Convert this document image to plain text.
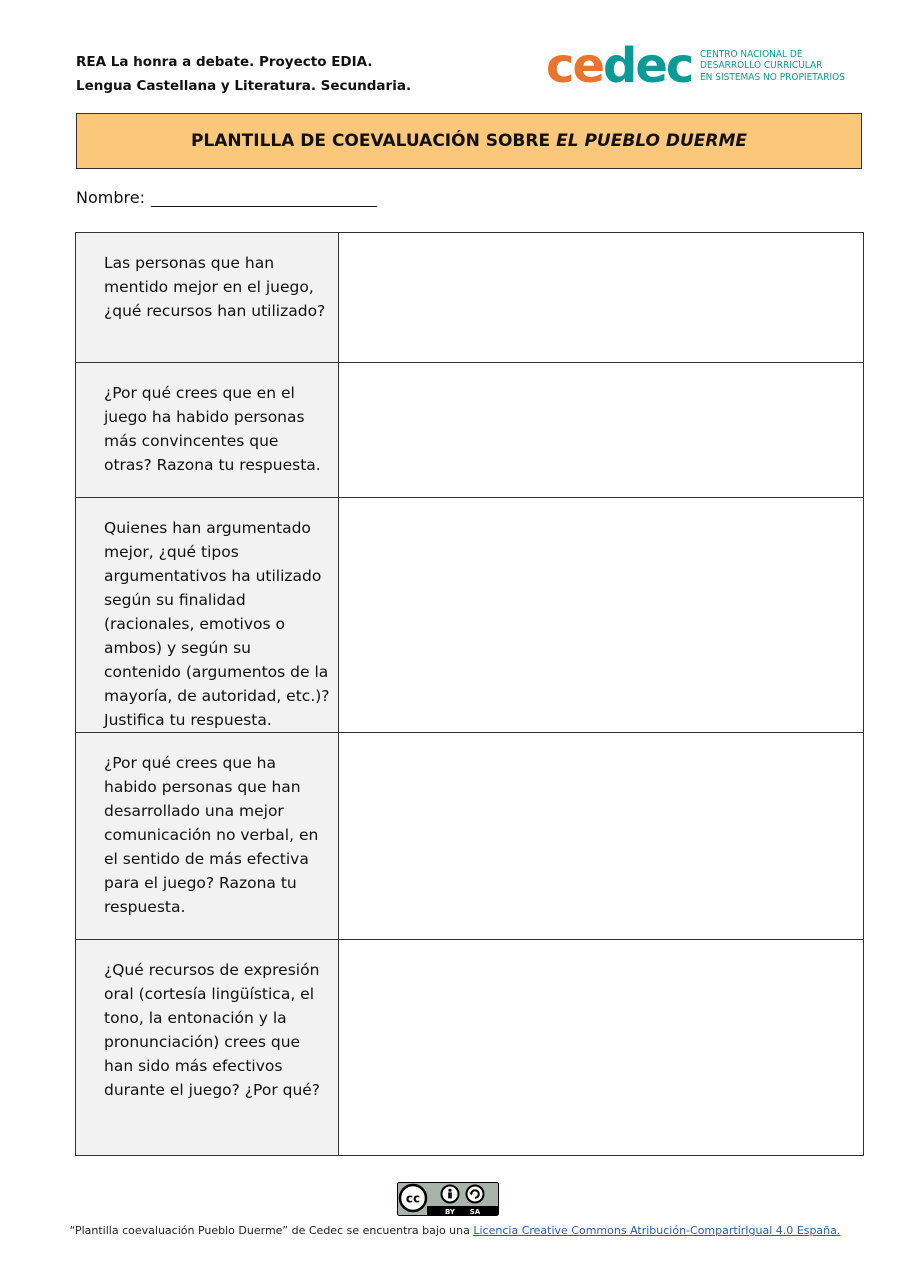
REA La honra a debate. Proyecto EDIA.
Lengua Castellana y Literatura. Secundaria.	cedec CENTRO NACIONAL DE
DESARROLLO CURRICULAR
EN SISTEMAS NO PROPIETARIOS
PLANTILLA DE COEVALUACIÓN SOBRE EL PUEBLO DUERME
Nombre:
Las personas que han mentido mejor en el juego, ¿qué recursos han utilizado?	

¿Por qué crees que en el juego ha habido personas más convincentes que otras? Razona tu respuesta.	

Quienes han argumentado mejor, ¿qué tipos argumentativos ha utilizado según su finalidad (racionales, emotivos o ambos) y según su contenido (argumentos de la mayoría, de autoridad, etc.)? Justifica tu respuesta.	

¿Por qué crees que ha habido personas que han desarrollado una mejor comunicación no verbal, en el sentido de más efectiva para el juego? Razona tu respuesta.	

¿Qué recursos de expresión oral (cortesía lingüística, el tono, la entonación y la pronunciación) crees que han sido más efectivos durante el juego? ¿Por qué?	

cc
BY SA
“Plantilla coevaluación Pueblo Duerme” de Cedec se encuentra bajo una Licencia Creative Commons Atribución-CompartirIgual 4.0 España.
